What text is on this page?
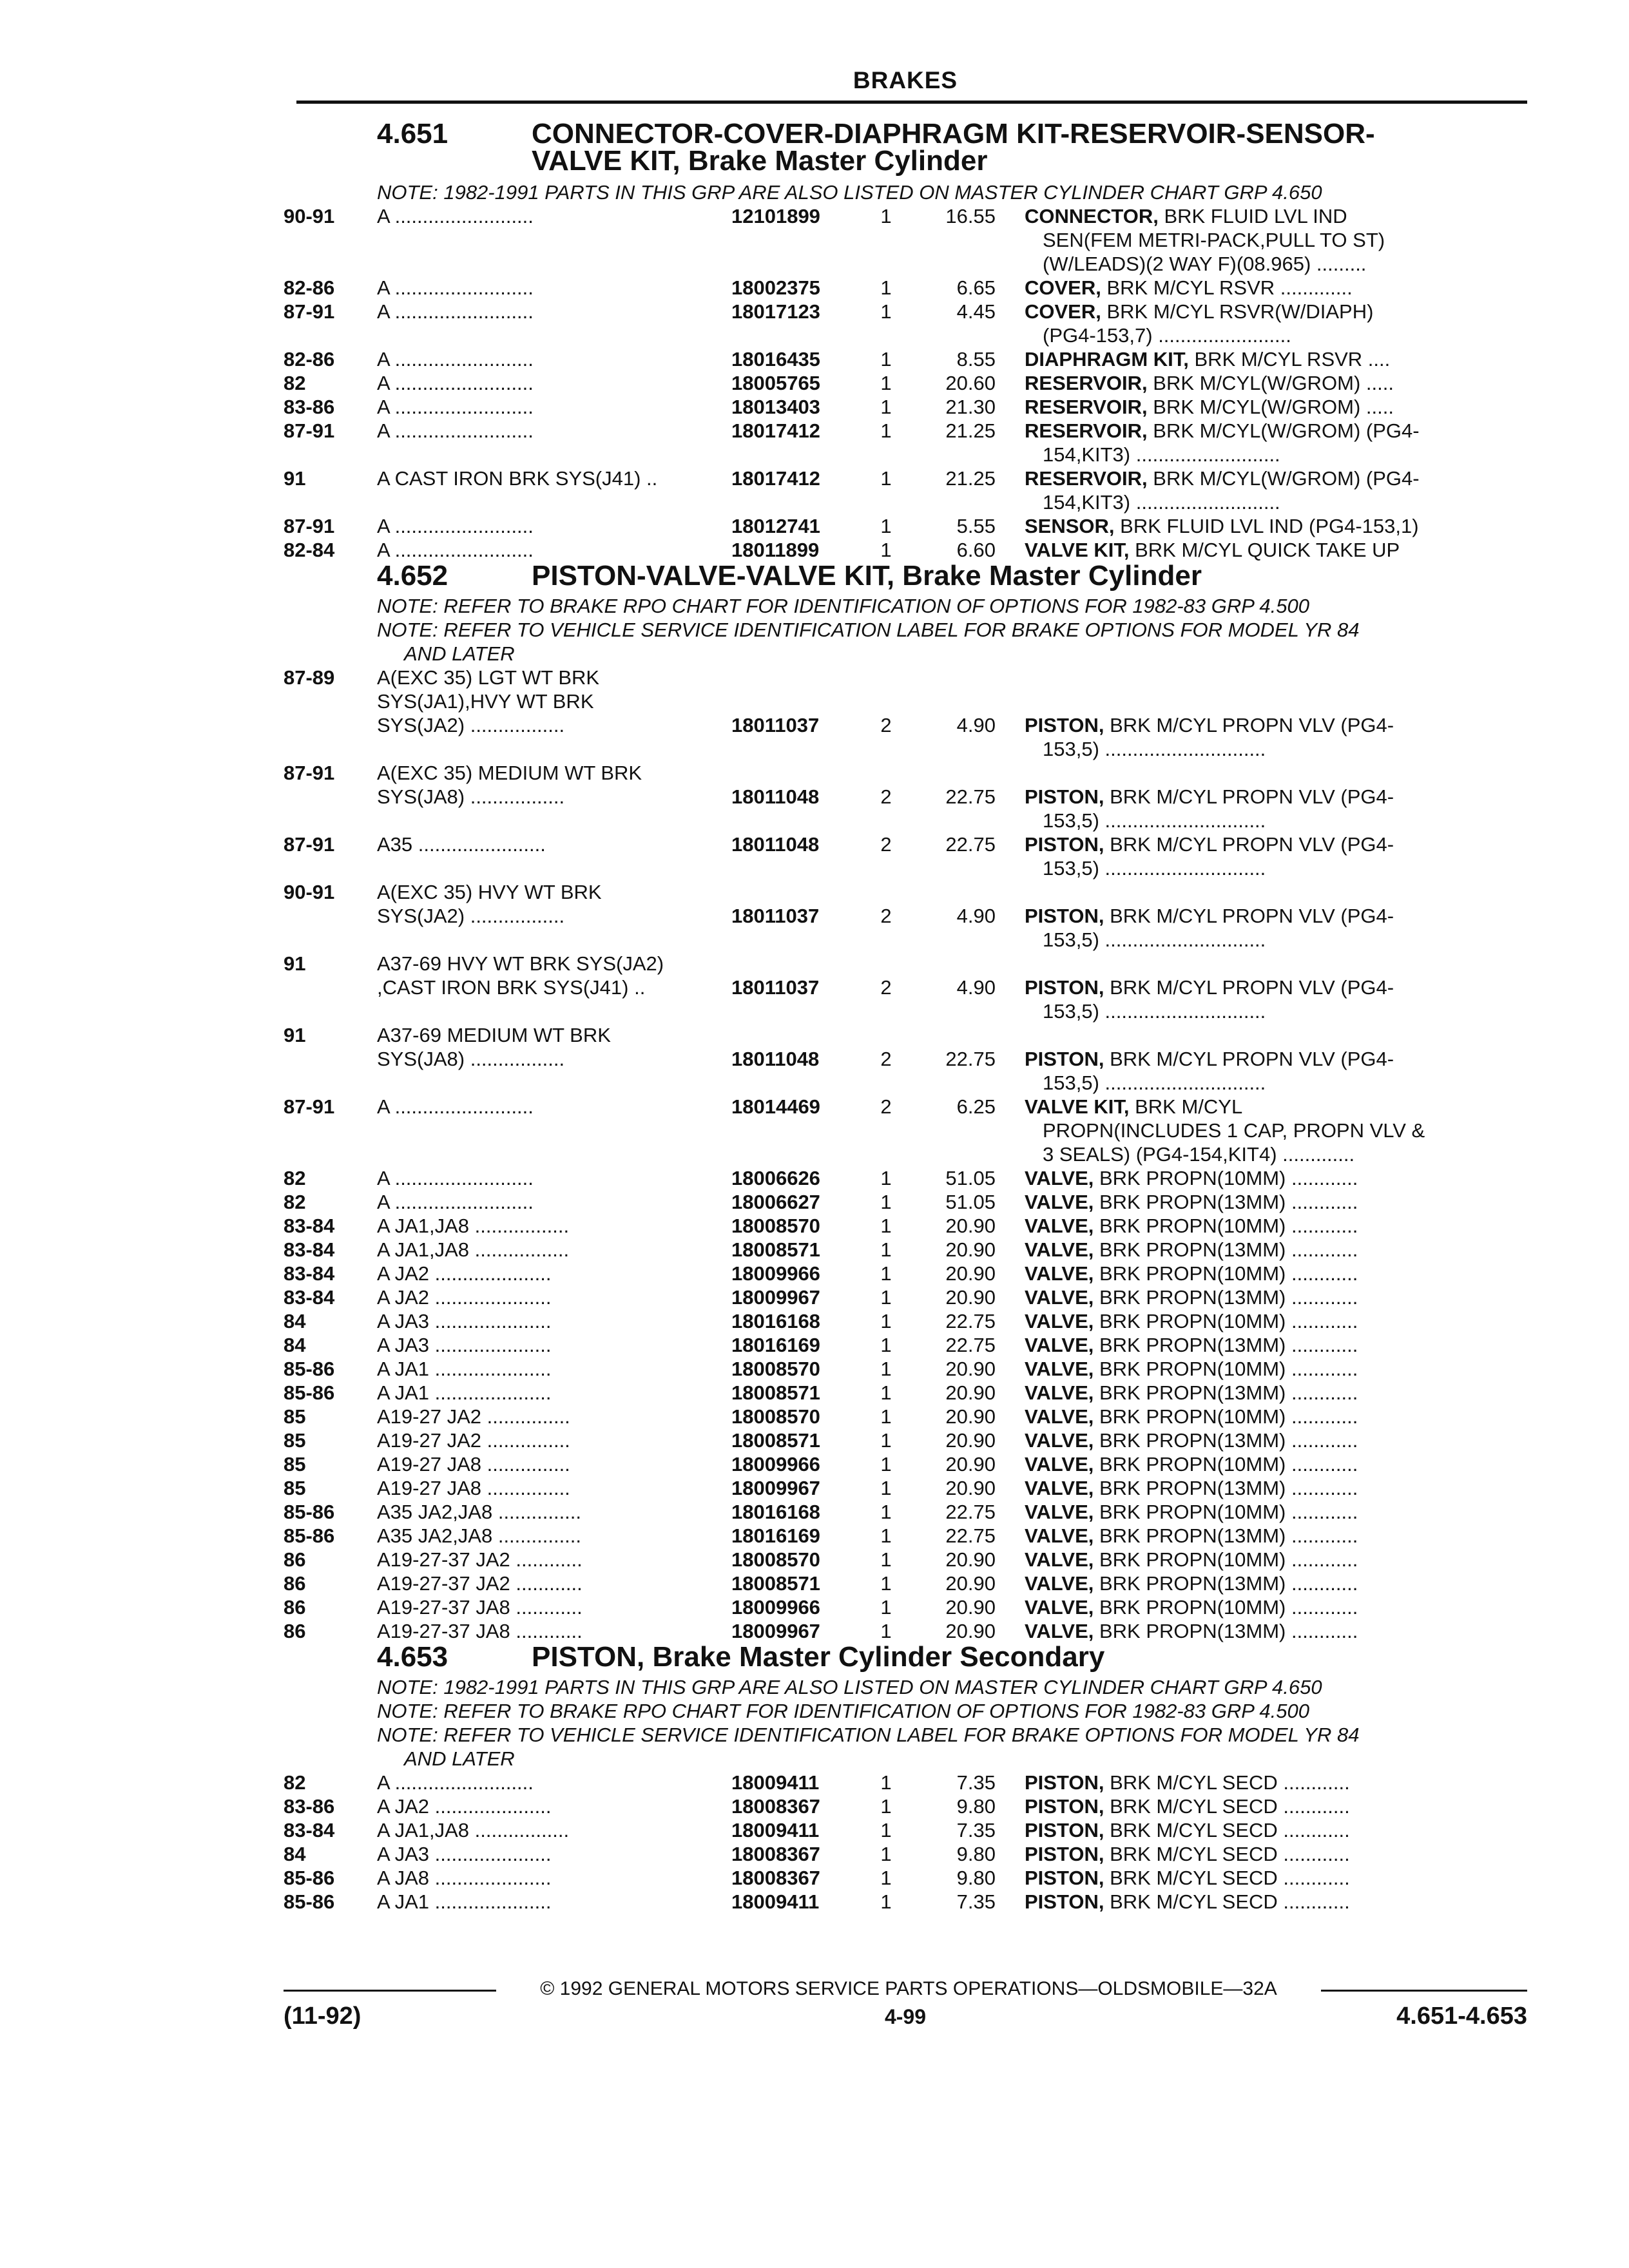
BRAKES
4.651	CONNECTOR-COVER-DIAPHRAGM KIT-RESERVOIR-SENSOR-
VALVE KIT, Brake Master Cylinder
NOTE: 1982-1991 PARTS IN THIS GRP ARE ALSO LISTED ON MASTER CYLINDER CHART GRP 4.650
90-91	A .........................	12101899	1	16.55 CONNECTOR, BRK FLUID LVL IND
SEN(FEM METRI-PACK,PULL TO ST)
(W/LEADS)(2 WAY F)(08.965) .........
82-86	A .........................	18002375	1	6.65 COVER, BRK M/CYL RSVR .............
87-91	A .........................	18017123	1	4.45 COVER, BRK M/CYL RSVR(W/DIAPH)
(PG4-153,7) ........................
82-86	A .........................	18016435	1	8.55 DIAPHRAGM KIT, BRK M/CYL RSVR ....
82	A .........................	18005765	1	20.60 RESERVOIR, BRK M/CYL(W/GROM) .....
83-86	A .........................	18013403	1	21.30 RESERVOIR, BRK M/CYL(W/GROM) .....
87-91	A .........................	18017412	1	21.25 RESERVOIR, BRK M/CYL(W/GROM) (PG4-
154,KIT3) ..........................
91	A CAST IRON BRK SYS(J41) ..	18017412	1	21.25 RESERVOIR, BRK M/CYL(W/GROM) (PG4-
154,KIT3) ..........................
87-91	A .........................	18012741	1	5.55 SENSOR, BRK FLUID LVL IND (PG4-153,1)
82-84	A .........................	18011899	1	6.60 VALVE KIT, BRK M/CYL QUICK TAKE UP
4.652	PISTON-VALVE-VALVE KIT, Brake Master Cylinder
NOTE: REFER TO BRAKE RPO CHART FOR IDENTIFICATION OF OPTIONS FOR 1982-83 GRP 4.500
NOTE: REFER TO VEHICLE SERVICE IDENTIFICATION LABEL FOR BRAKE OPTIONS FOR MODEL YR 84
AND LATER
87-89	A(EXC 35) LGT WT BRK
SYS(JA1),HVY WT BRK
SYS(JA2) .................	18011037	2	4.90 PISTON, BRK M/CYL PROPN VLV (PG4-
153,5) .............................
87-91	A(EXC 35) MEDIUM WT BRK
SYS(JA8) .................	18011048	2	22.75 PISTON, BRK M/CYL PROPN VLV (PG4-
153,5) .............................
87-91	A35 .......................	18011048	2	22.75 PISTON, BRK M/CYL PROPN VLV (PG4-
153,5) .............................
90-91	A(EXC 35) HVY WT BRK
SYS(JA2) .................	18011037	2	4.90 PISTON, BRK M/CYL PROPN VLV (PG4-
153,5) .............................
91	A37-69 HVY WT BRK SYS(JA2)
,CAST IRON BRK SYS(J41) ..	18011037	2	4.90 PISTON, BRK M/CYL PROPN VLV (PG4-
153,5) .............................
91	A37-69 MEDIUM WT BRK
SYS(JA8) .................	18011048	2	22.75 PISTON, BRK M/CYL PROPN VLV (PG4-
153,5) .............................
87-91	A .........................	18014469	2	6.25 VALVE KIT, BRK M/CYL
PROPN(INCLUDES 1 CAP, PROPN VLV &
3 SEALS) (PG4-154,KIT4) .............
82	A .........................	18006626	1	51.05 VALVE, BRK PROPN(10MM) ............
82	A .........................	18006627	1	51.05 VALVE, BRK PROPN(13MM) ............
83-84	A JA1,JA8 .................	18008570	1	20.90 VALVE, BRK PROPN(10MM) ............
83-84	A JA1,JA8 .................	18008571	1	20.90 VALVE, BRK PROPN(13MM) ............
83-84	A JA2 .....................	18009966	1	20.90 VALVE, BRK PROPN(10MM) ............
83-84	A JA2 .....................	18009967	1	20.90 VALVE, BRK PROPN(13MM) ............
84	A JA3 .....................	18016168	1	22.75 VALVE, BRK PROPN(10MM) ............
84	A JA3 .....................	18016169	1	22.75 VALVE, BRK PROPN(13MM) ............
85-86	A JA1 .....................	18008570	1	20.90 VALVE, BRK PROPN(10MM) ............
85-86	A JA1 .....................	18008571	1	20.90 VALVE, BRK PROPN(13MM) ............
85	A19-27 JA2 ...............	18008570	1	20.90 VALVE, BRK PROPN(10MM) ............
85	A19-27 JA2 ...............	18008571	1	20.90 VALVE, BRK PROPN(13MM) ............
85	A19-27 JA8 ...............	18009966	1	20.90 VALVE, BRK PROPN(10MM) ............
85	A19-27 JA8 ...............	18009967	1	20.90 VALVE, BRK PROPN(13MM) ............
85-86	A35 JA2,JA8 ...............	18016168	1	22.75 VALVE, BRK PROPN(10MM) ............
85-86	A35 JA2,JA8 ...............	18016169	1	22.75 VALVE, BRK PROPN(13MM) ............
86	A19-27-37 JA2 ............	18008570	1	20.90 VALVE, BRK PROPN(10MM) ............
86	A19-27-37 JA2 ............	18008571	1	20.90 VALVE, BRK PROPN(13MM) ............
86	A19-27-37 JA8 ............	18009966	1	20.90 VALVE, BRK PROPN(10MM) ............
86	A19-27-37 JA8 ............	18009967	1	20.90 VALVE, BRK PROPN(13MM) ............
4.653	PISTON, Brake Master Cylinder Secondary
NOTE: 1982-1991 PARTS IN THIS GRP ARE ALSO LISTED ON MASTER CYLINDER CHART GRP 4.650
NOTE: REFER TO BRAKE RPO CHART FOR IDENTIFICATION OF OPTIONS FOR 1982-83 GRP 4.500
NOTE: REFER TO VEHICLE SERVICE IDENTIFICATION LABEL FOR BRAKE OPTIONS FOR MODEL YR 84
AND LATER
82	A .........................	18009411	1	7.35 PISTON, BRK M/CYL SECD ............
83-86	A JA2 .....................	18008367	1	9.80 PISTON, BRK M/CYL SECD ............
83-84	A JA1,JA8 .................	18009411	1	7.35 PISTON, BRK M/CYL SECD ............
84	A JA3 .....................	18008367	1	9.80 PISTON, BRK M/CYL SECD ............
85-86	A JA8 .....................	18008367	1	9.80 PISTON, BRK M/CYL SECD ............
85-86	A JA1 .....................	18009411	1	7.35 PISTON, BRK M/CYL SECD ............
© 1992 GENERAL MOTORS SERVICE PARTS OPERATIONS—OLDSMOBILE—32A
(11-92)	4-99	4.651-4.653
